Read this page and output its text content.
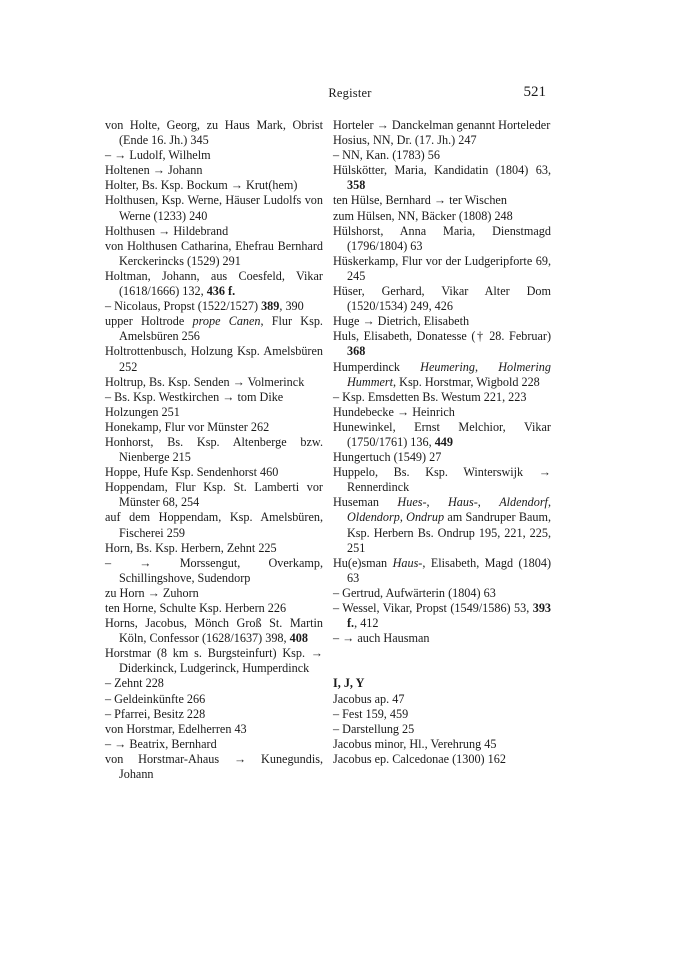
Register	521
von Holte, Georg, zu Haus Mark, Obrist (Ende 16. Jh.) 345
– → Ludolf, Wilhelm
Holtenen → Johann
Holter, Bs. Ksp. Bockum → Krut(hem)
Holthusen, Ksp. Werne, Häuser Ludolfs von Werne (1233) 240
Holthusen → Hildebrand
von Holthusen Catharina, Ehefrau Bernhard Kerckerincks (1529) 291
Holtman, Johann, aus Coesfeld, Vikar (1618/1666) 132, 436 f.
– Nicolaus, Propst (1522/1527) 389, 390
upper Holtrode prope Canen, Flur Ksp. Amelsbüren 256
Holtrottenbusch, Holzung Ksp. Amelsbüren 252
Holtrup, Bs. Ksp. Senden → Volmerinck
– Bs. Ksp. Westkirchen → tom Dike
Holzungen 251
Honekamp, Flur vor Münster 262
Honhorst, Bs. Ksp. Altenberge bzw. Nienberge 215
Hoppe, Hufe Ksp. Sendenhorst 460
Hoppendam, Flur Ksp. St. Lamberti vor Münster 68, 254
auf dem Hoppendam, Ksp. Amelsbüren, Fischerei 259
Horn, Bs. Ksp. Herbern, Zehnt 225
– → Morssengut, Overkamp, Schillingshove, Sudendorp
zu Horn → Zuhorn
ten Horne, Schulte Ksp. Herbern 226
Horns, Jacobus, Mönch Groß St. Martin Köln, Confessor (1628/1637) 398, 408
Horstmar (8 km s. Burgsteinfurt) Ksp. → Diderkinck, Ludgerinck, Humperdinck
– Zehnt 228
– Geldeinkünfte 266
– Pfarrei, Besitz 228
von Horstmar, Edelherren 43
– → Beatrix, Bernhard
von Horstmar-Ahaus → Kunegundis, Johann
Horteler → Danckelman genannt Horteleder
Hosius, NN, Dr. (17. Jh.) 247
– NN, Kan. (1783) 56
Hülskötter, Maria, Kandidatin (1804) 63, 358
ten Hülse, Bernhard → ter Wischen
zum Hülsen, NN, Bäcker (1808) 248
Hülshorst, Anna Maria, Dienstmagd (1796/1804) 63
Hüskerkamp, Flur vor der Ludgeripforte 69, 245
Hüser, Gerhard, Vikar Alter Dom (1520/1534) 249, 426
Huge → Dietrich, Elisabeth
Huls, Elisabeth, Donatesse († 28. Februar) 368
Humperdinck Heumering, Holmering Hummert, Ksp. Horstmar, Wigbold 228
– Ksp. Emsdetten Bs. Westum 221, 223
Hundebecke → Heinrich
Hunewinkel, Ernst Melchior, Vikar (1750/1761) 136, 449
Hungertuch (1549) 27
Huppelo, Bs. Ksp. Winterswijk → Rennerdinck
Huseman Hues-, Haus-, Aldendorf, Oldendorp, Ondrup am Sandruper Baum, Ksp. Herbern Bs. Ondrup 195, 221, 225, 251
Hu(e)sman Haus-, Elisabeth, Magd (1804) 63
– Gertrud, Aufwärterin (1804) 63
– Wessel, Vikar, Propst (1549/1586) 53, 393 f., 412
– → auch Hausman
I, J, Y
Jacobus ap. 47
– Fest 159, 459
– Darstellung 25
Jacobus minor, Hl., Verehrung 45
Jacobus ep. Calcedonae (1300) 162
